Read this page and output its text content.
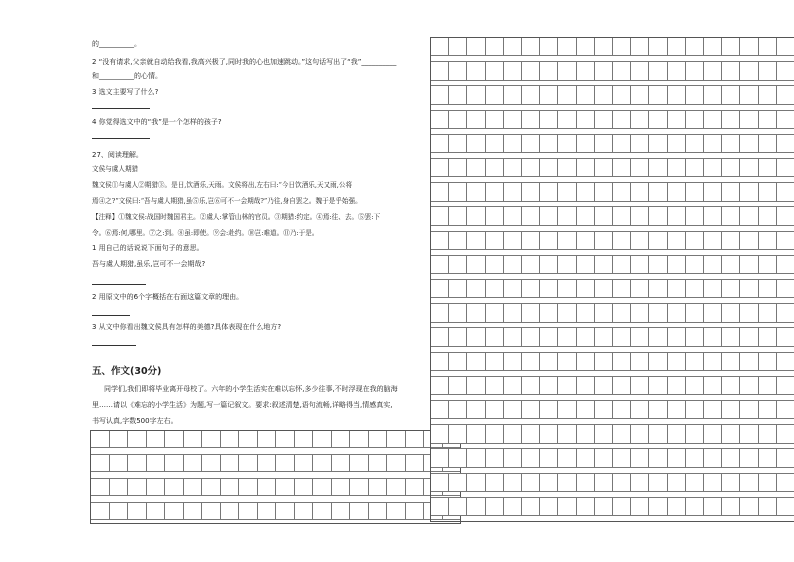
的__________。
2 “没有请求,父亲就自动给我看,我高兴极了,同时我的心也加速跳动。”这句话写出了“我”__________
和__________的心情。
3 选文主要写了什么?
4 你觉得选文中的“我”是一个怎样的孩子?
27、阅读理解。
文侯与虞人期猎
魏文侯①与虞人②期猎③。是日,饮酒乐,天雨。文侯将出,左右曰:“今日饮酒乐,天又雨,公将
焉④之?”文侯曰:“吾与虞人期猎,虽⑤乐,岂⑥可不一会期哉?”乃往,身自罢之。魏于是乎始强。
【注释】①魏文侯:战国时魏国君主。②虞人:掌管山林的官员。③期猎:约定。④焉:往、去。⑤罢:下
令。⑥焉:何,哪里。⑦之:到。⑧虽:即使。⑨会:赴约。⑩岂:难道。⑪乃:于是。
1 用自己的话说说下面句子的意思。
吾与虞人期猎,虽乐,岂可不一会期哉?
2 用原文中的6个字概括在右面这篇文章的理由。
3 从文中你看出魏文侯具有怎样的美德?具体表现在什么地方?
五、作文(30分)
同学们,我们即将毕业离开母校了。六年的小学生活实在难以忘怀,多少往事,不时浮现在我的脑海
里……请以《难忘的小学生活》为题,写一篇记叙文。要求:叙述清楚,语句流畅,详略得当,情感真实,
书写认真,字数500字左右。
